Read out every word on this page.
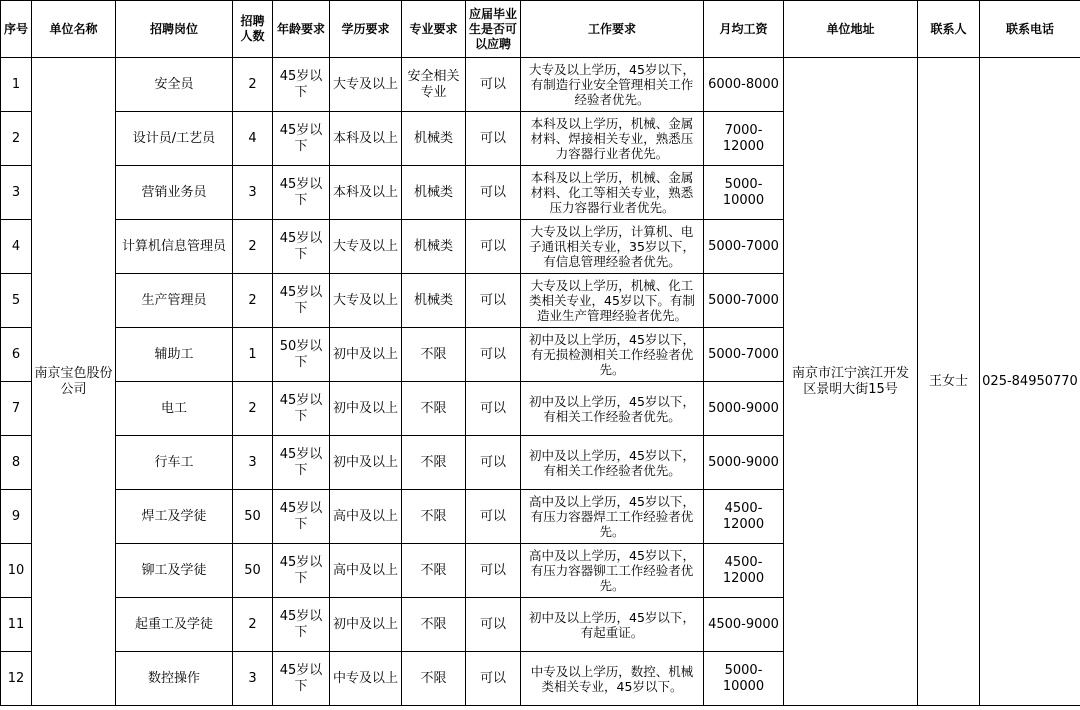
序号	单位名称	招聘岗位	招聘人数	年龄要求	学历要求	专业要求	应届毕业生是否可以应聘	工作要求	月均工资	单位地址	联系人	联系电话
1	南京宝色股份公司	安全员	2	45岁以下	大专及以上	安全相关专业	可以	大专及以上学历，45岁以下，有制造行业安全管理相关工作经验者优先。	6000-8000	南京市江宁滨江开发区景明大街15号	王女士	025-84950770
2		设计员/工艺员	4	45岁以下	本科及以上	机械类	可以	本科及以上学历，机械、金属材料、焊接相关专业，熟悉压力容器行业者优先。	7000-12000			
3		营销业务员	3	45岁以下	本科及以上	机械类	可以	本科及以上学历，机械、金属材料、化工等相关专业，熟悉压力容器行业者优先。	5000-10000			
4		计算机信息管理员	2	45岁以下	大专及以上	机械类	可以	大专及以上学历，计算机、电子通讯相关专业，35岁以下，有信息管理经验者优先。	5000-7000			
5		生产管理员	2	45岁以下	大专及以上	机械类	可以	大专及以上学历，机械、化工类相关专业，45岁以下。有制造业生产管理经验者优先。	5000-7000			
6		辅助工	1	50岁以下	初中及以上	不限	可以	初中及以上学历，45岁以下，有无损检测相关工作经验者优先。	5000-7000			
7		电工	2	45岁以下	初中及以上	不限	可以	初中及以上学历，45岁以下，有相关工作经验者优先。	5000-9000			
8		行车工	3	45岁以下	初中及以上	不限	可以	初中及以上学历，45岁以下，有相关工作经验者优先。	5000-9000			
9		焊工及学徒	50	45岁以下	高中及以上	不限	可以	高中及以上学历，45岁以下，有压力容器焊工工作经验者优先。	4500-12000			
10		铆工及学徒	50	45岁以下	高中及以上	不限	可以	高中及以上学历，45岁以下，有压力容器铆工工作经验者优先。	4500-12000			
11		起重工及学徒	2	45岁以下	初中及以上	不限	可以	初中及以上学历，45岁以下，有起重证。	4500-9000			
12		数控操作	3	45岁以下	中专及以上	不限	可以	中专及以上学历，数控、机械类相关专业，45岁以下。	5000-10000			
